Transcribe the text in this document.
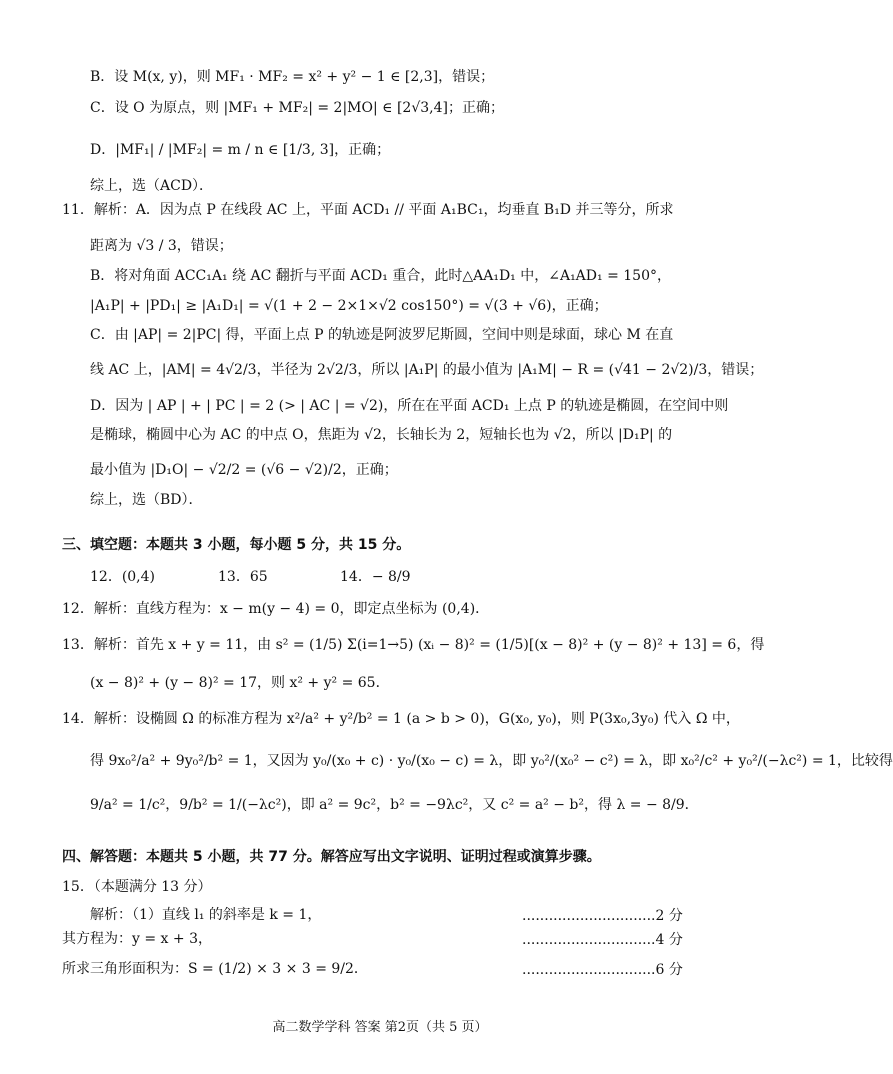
B．设 M(x, y)，则 MF₁ · MF₂ = x² + y² − 1 ∈ [2,3]，错误；
C．设 O 为原点，则 |MF₁ + MF₂| = 2|MO| ∈ [2√3,4]；正确；
D．|MF₁| / |MF₂| = m / n ∈ [1/3, 3]，正确；
综上，选（ACD）．
11．解析：A．因为点 P 在线段 AC 上，平面 ACD₁ // 平面 A₁BC₁，均垂直 B₁D 并三等分，所求
距离为 √3 / 3，错误；
B．将对角面 ACC₁A₁ 绕 AC 翻折与平面 ACD₁ 重合，此时△AA₁D₁ 中，∠A₁AD₁ = 150°，
|A₁P| + |PD₁| ≥ |A₁D₁| = √(1 + 2 − 2×1×√2 cos150°) = √(3 + √6)，正确；
C．由 |AP| = 2|PC| 得，平面上点 P 的轨迹是阿波罗尼斯圆，空间中则是球面，球心 M 在直
线 AC 上，|AM| = 4√2/3，半径为 2√2/3，所以 |A₁P| 的最小值为 |A₁M| − R = (√41 − 2√2)/3，错误；
D．因为 | AP | + | PC | = 2 (> | AC | = √2)，所在在平面 ACD₁ 上点 P 的轨迹是椭圆，在空间中则
是椭球，椭圆中心为 AC 的中点 O，焦距为 √2，长轴长为 2，短轴长也为 √2，所以 |D₁P| 的
最小值为 |D₁O| − √2/2 = (√6 − √2)/2，正确；
综上，选（BD）．
三、填空题：本题共 3 小题，每小题 5 分，共 15 分。
12．(0,4)	13．65	14．− 8/9
12．解析：直线方程为：x − m(y − 4) = 0，即定点坐标为 (0,4)．
13．解析：首先 x + y = 11，由 s² = (1/5) Σ(i=1→5) (xᵢ − 8)² = (1/5)[(x − 8)² + (y − 8)² + 13] = 6，得
(x − 8)² + (y − 8)² = 17，则 x² + y² = 65．
14．解析：设椭圆 Ω 的标准方程为 x²/a² + y²/b² = 1 (a > b > 0)，G(x₀, y₀)，则 P(3x₀,3y₀) 代入 Ω 中，
得 9x₀²/a² + 9y₀²/b² = 1，又因为 y₀/(x₀ + c) · y₀/(x₀ − c) = λ，即 y₀²/(x₀² − c²) = λ，即 x₀²/c² + y₀²/(−λc²) = 1，比较得
9/a² = 1/c²，9/b² = 1/(−λc²)，即 a² = 9c²，b² = −9λc²，又 c² = a² − b²，得 λ = − 8/9．
四、解答题：本题共 5 小题，共 77 分。解答应写出文字说明、证明过程或演算步骤。
15．（本题满分 13 分）
解析：（1）直线 l₁ 的斜率是 k = 1，	..............................2 分
其方程为：y = x + 3，	..............................4 分
所求三角形面积为：S = (1/2) × 3 × 3 = 9/2．	..............................6 分
高二数学学科 答案 第2页（共 5 页）
